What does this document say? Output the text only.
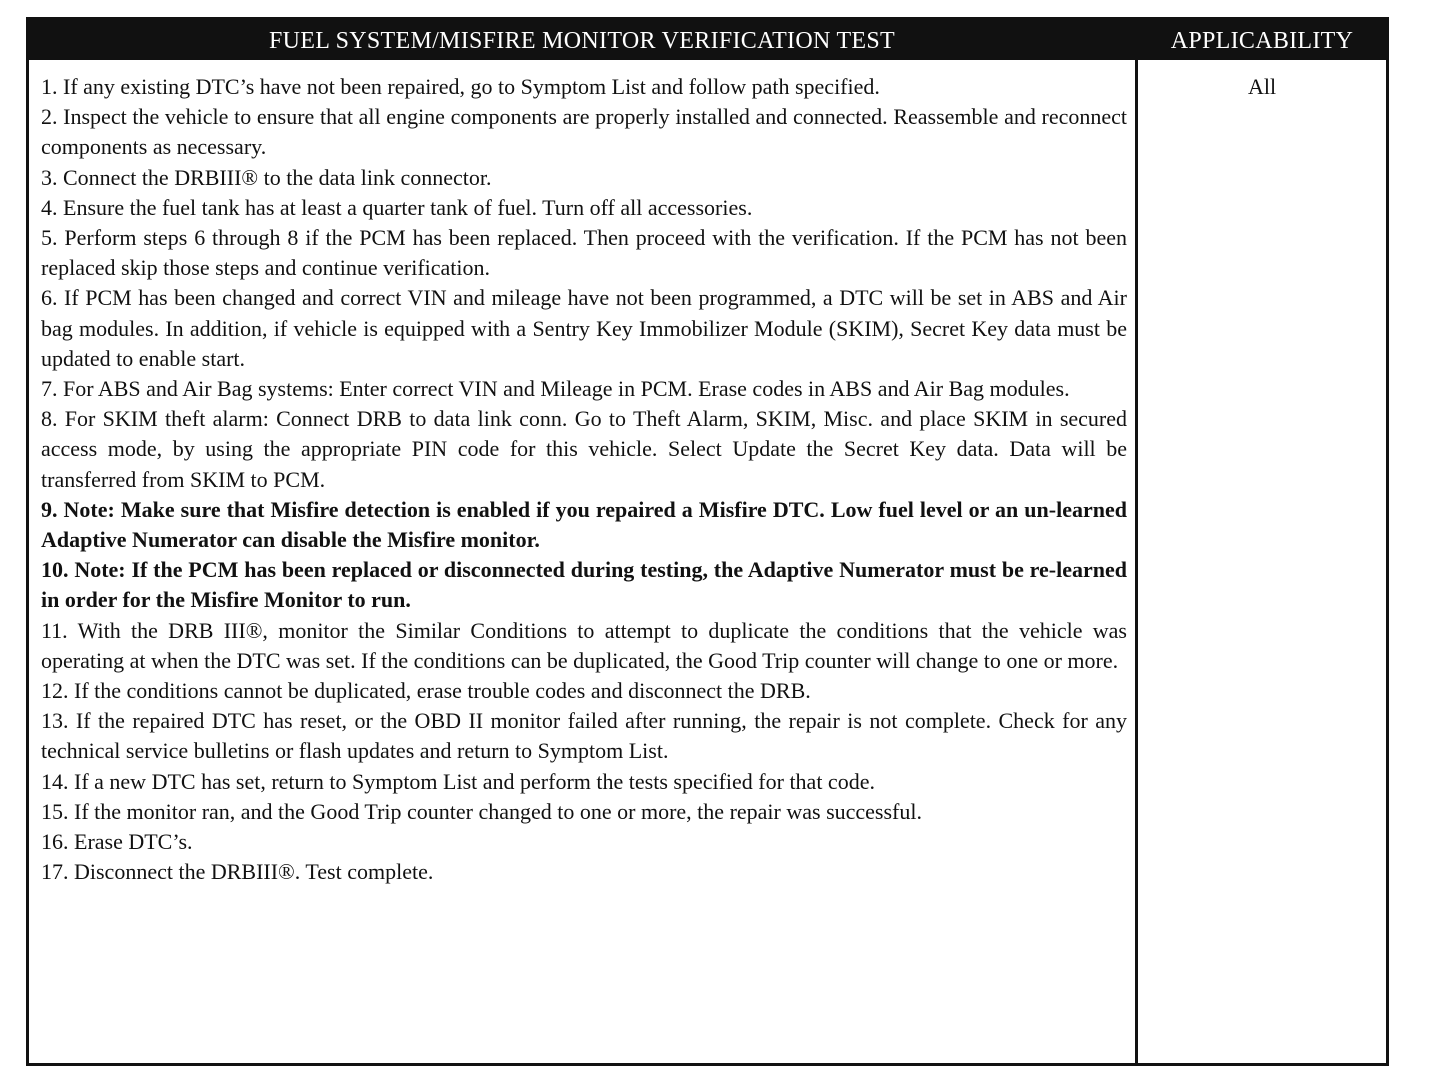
FUEL SYSTEM/MISFIRE MONITOR VERIFICATION TEST	APPLICABILITY
1. If any existing DTC’s have not been repaired, go to Symptom List and follow path specified.
2. Inspect the vehicle to ensure that all engine components are properly installed and connected. Reassemble and reconnect components as necessary.
3. Connect the DRBIII® to the data link connector.
4. Ensure the fuel tank has at least a quarter tank of fuel. Turn off all accessories.
5. Perform steps 6 through 8 if the PCM has been replaced. Then proceed with the verification. If the PCM has not been replaced skip those steps and continue verification.
6. If PCM has been changed and correct VIN and mileage have not been programmed, a DTC will be set in ABS and Air bag modules. In addition, if vehicle is equipped with a Sentry Key Immobilizer Module (SKIM), Secret Key data must be updated to enable start.
7. For ABS and Air Bag systems: Enter correct VIN and Mileage in PCM. Erase codes in ABS and Air Bag modules.
8. For SKIM theft alarm: Connect DRB to data link conn. Go to Theft Alarm, SKIM, Misc. and place SKIM in secured access mode, by using the appropriate PIN code for this vehicle. Select Update the Secret Key data. Data will be transferred from SKIM to PCM.
9. Note: Make sure that Misfire detection is enabled if you repaired a Misfire DTC. Low fuel level or an un-learned Adaptive Numerator can disable the Misfire monitor.
10. Note: If the PCM has been replaced or disconnected during testing, the Adaptive Numerator must be re-learned in order for the Misfire Monitor to run.
11. With the DRB III®, monitor the Similar Conditions to attempt to duplicate the conditions that the vehicle was operating at when the DTC was set. If the conditions can be duplicated, the Good Trip counter will change to one or more.
12. If the conditions cannot be duplicated, erase trouble codes and disconnect the DRB.
13. If the repaired DTC has reset, or the OBD II monitor failed after running, the repair is not complete. Check for any technical service bulletins or flash updates and return to Symptom List.
14. If a new DTC has set, return to Symptom List and perform the tests specified for that code.
15. If the monitor ran, and the Good Trip counter changed to one or more, the repair was successful.
16. Erase DTC’s.
17. Disconnect the DRBIII®. Test complete.
All
